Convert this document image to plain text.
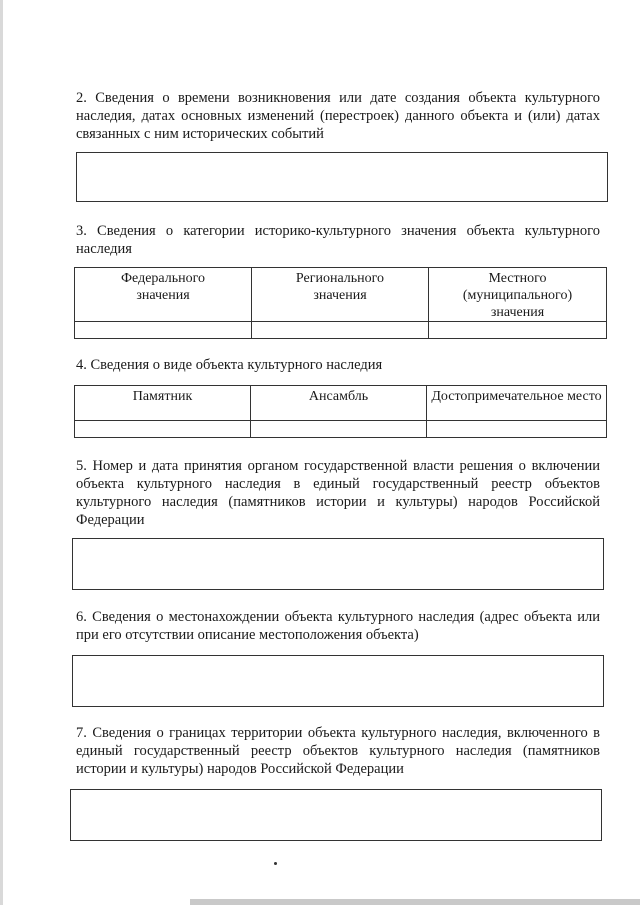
2. Сведения о времени возникновения или дате создания объекта культурного наследия, датах основных изменений (перестроек) данного объекта и (или) датах связанных с ним исторических событий

3. Сведения о категории историко-культурного значения объекта культурного наследия

Федерального значения	Регионального значения	Местного (муниципального) значения

4. Сведения о виде объекта культурного наследия

Памятник	Ансамбль	Достопримечательное место

5. Номер и дата принятия органом государственной власти решения о включении объекта культурного наследия в единый государственный реестр объектов культурного наследия (памятников истории и культуры) народов Российской Федерации

6. Сведения о местонахождении объекта культурного наследия (адрес объекта или при его отсутствии описание местоположения объекта)

7. Сведения о границах территории объекта культурного наследия, включенного в единый государственный реестр объектов культурного наследия (памятников истории и культуры) народов Российской Федерации
